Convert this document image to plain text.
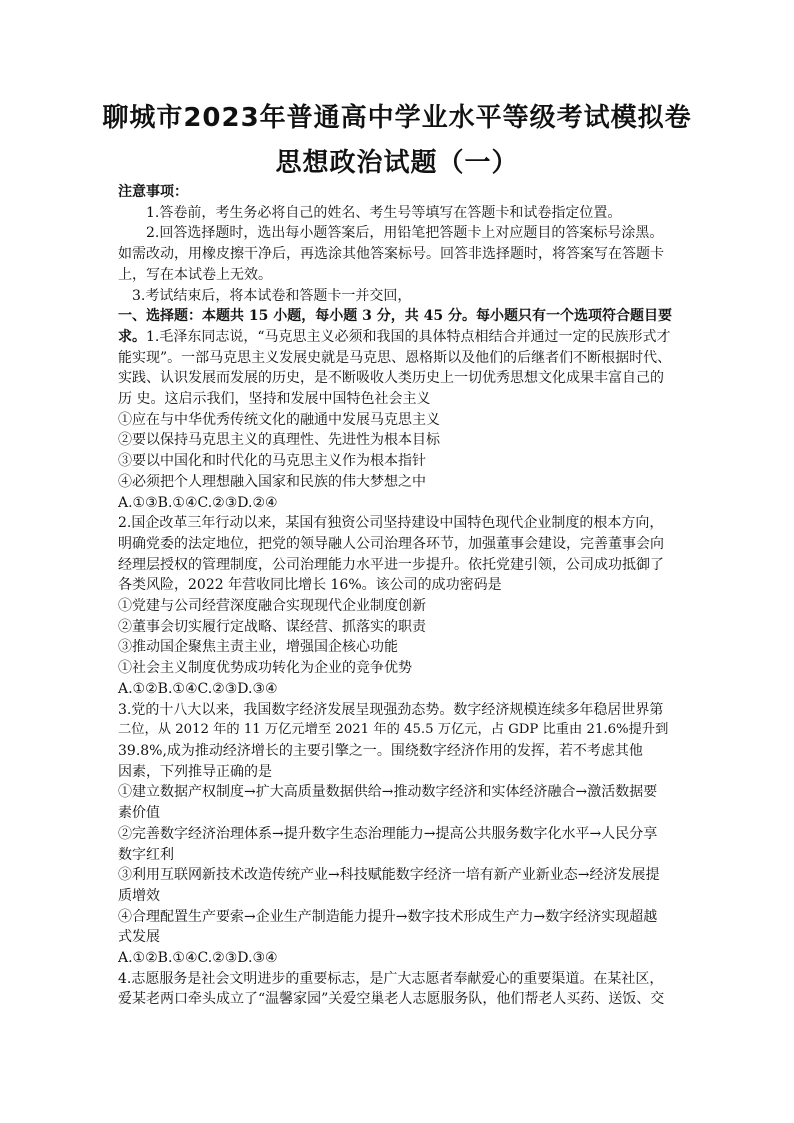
聊城市2023年普通高中学业水平等级考试模拟卷
思想政治试题（一）

注意事项：

1.答卷前，考生务必将自己的姓名、考生号等填写在答题卡和试卷指定位置。

2.回答选择题时，选出每小题答案后，用铅笔把答题卡上对应题目的答案标号涂黑。

如需改动，用橡皮擦干净后，再选涂其他答案标号。回答非选择题时，将答案写在答题卡

上，写在本试卷上无效。

3.考试结束后，将本试卷和答题卡一并交回，

一、选择题：本题共 15 小题，每小题 3 分，共 45 分。每小题只有一个选项符合题目要

求。1.毛泽东同志说，“马克思主义必须和我国的具体特点相结合并通过一定的民族形式才

能实现”。一部马克思主义发展史就是马克思、恩格斯以及他们的后继者们不断根据时代、

实践、认识发展而发展的历史，是不断吸收人类历史上一切优秀思想文化成果丰富自己的

历 史。这启示我们，坚持和发展中国特色社会主义

①应在与中华优秀传统文化的融通中发展马克思主义

②要以保持马克思主义的真理性、先进性为根本目标

③要以中国化和时代化的马克思主义作为根本指针

④必须把个人理想融入国家和民族的伟大梦想之中

A.①③B.①④C.②③D.②④

2.国企改革三年行动以来，某国有独资公司坚持建设中国特色现代企业制度的根本方向，

明确党委的法定地位，把党的领导融人公司治理各环节，加强董事会建设，完善董事会向

经理层授权的管理制度，公司治理能力水平进一步提升。依托党建引领，公司成功抵御了

各类风险，2022 年营收同比增长 16%。该公司的成功密码是

①党建与公司经营深度融合实现现代企业制度创新

②董事会切实履行定战略、谋经营、抓落实的职责

③推动国企聚焦主责主业，增强国企核心功能

①社会主义制度优势成功转化为企业的竞争优势

A.①②B.①④C.②③D.③④

3.党的十八大以来，我国数字经济发展呈现强劲态势。数字经济规模连续多年稳居世界第

二位，从 2012 年的 11 万亿元增至 2021 年的 45.5 万亿元，占 GDP 比重由 21.6%提升到

39.8%,成为推动经济增长的主要引擎之一。围绕数字经济作用的发挥，若不考虑其他

因素，下列推导正确的是

①建立数据产权制度→扩大高质量数据供给→推动数字经济和实体经济融合→激活数据要

素价值

②完善数字经济治理体系→提升数字生态治理能力→提高公共服务数字化水平→人民分享

数字红利

③利用互联网新技术改造传统产业→科技赋能数字经济一培有新产业新业态→经济发展提

质增效

④合理配置生产要索→企业生产制造能力提升→数字技术形成生产力→数字经济实现超越

式发展

A.①②B.①④C.②③D.③④

4.志愿服务是社会文明进步的重要标志，是广大志愿者奉献爱心的重要渠道。在某社区，

爱某老两口牵头成立了“温馨家园”关爱空巢老人志愿服务队，他们帮老人买药、送饭、交
